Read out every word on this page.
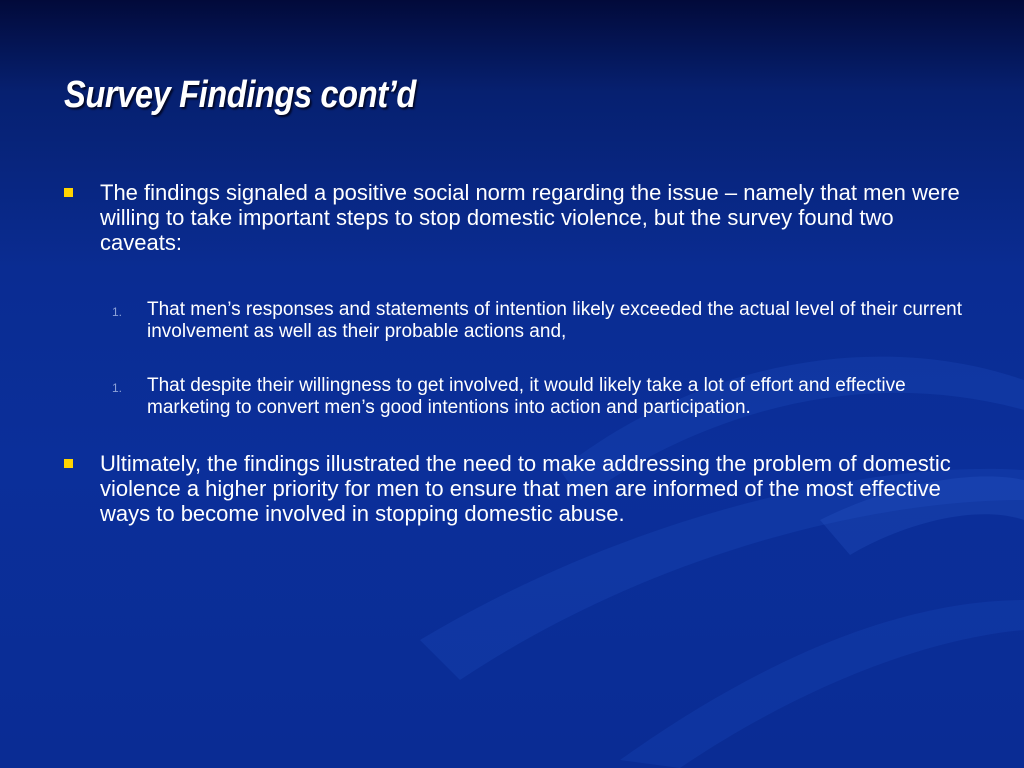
Survey Findings cont’d
The findings signaled a positive social norm regarding the issue – namely that men were willing to take important steps to stop domestic violence, but the survey found two caveats:
1. That men’s responses and statements of intention likely exceeded the actual level of their current involvement as well as their probable actions and,
1. That despite their willingness to get involved, it would likely take a lot of effort and effective marketing to convert men’s good intentions into action and participation.
Ultimately, the findings illustrated the need to make addressing the problem of domestic violence a higher priority for men to ensure that men are informed of the most effective ways to become involved in stopping domestic abuse.
